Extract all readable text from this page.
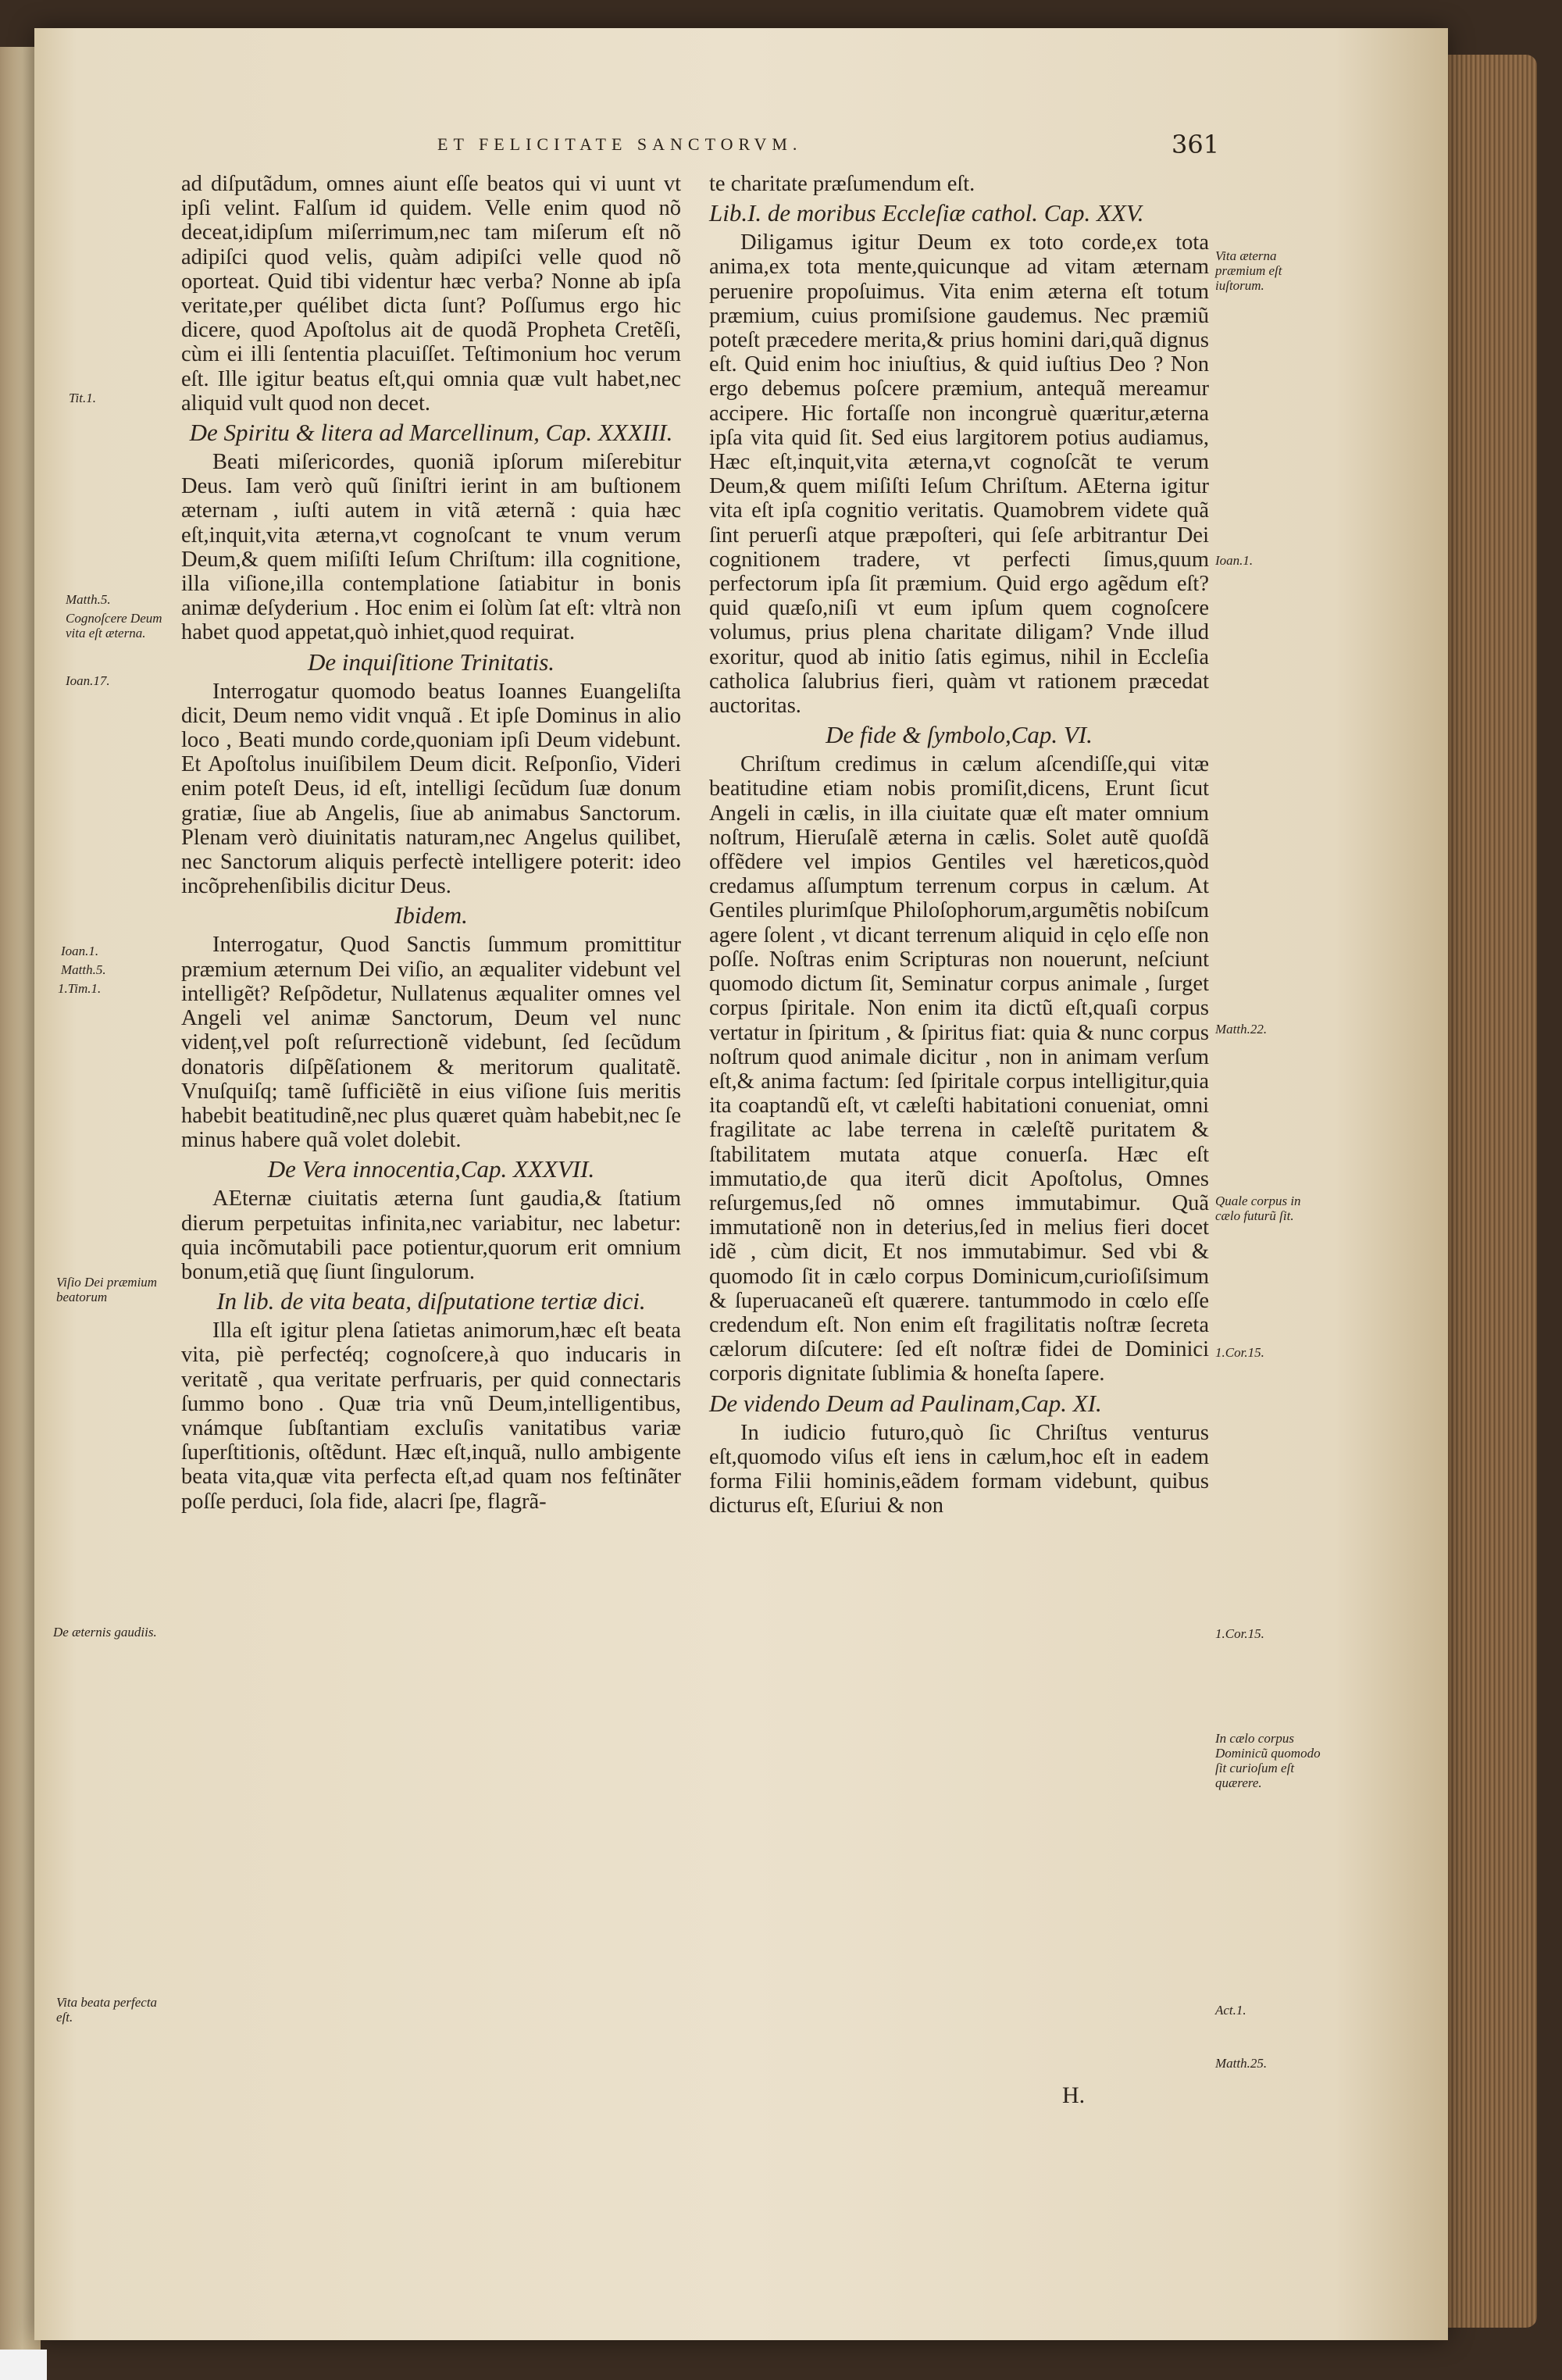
ET FELICITATE SANCTORVM.	361

ad diſputãdum, omnes aiunt eſſe beatos qui vi uunt vt ipſi velint. Falſum id quidem. Velle enim quod nõ deceat,idipſum miſerrimum,nec tam miſerum eſt nõ adipiſci quod velis, quàm adipiſci velle quod nõ oporteat. Quid tibi videntur hæc verba? Nonne ab ipſa veritate,per quélibet dicta ſunt? Poſſumus ergo hic dicere, quod Apoſtolus ait de quodã Propheta Cretẽſi, cùm ei illi ſententia placuiſſet. Teſtimonium hoc verum eſt. Ille igitur beatus eſt,qui omnia quæ vult habet,nec aliquid vult quod non decet.

De Spiritu & litera ad Marcellinum, Cap. XXXIII.

Beati miſericordes, quoniã ipſorum miſerebitur Deus. Iam verò quũ ſiniſtri ierint in am buſtionem æternam , iuſti autem in vitã æternã : quia hæc eſt,inquit,vita æterna,vt cognoſcant te vnum verum Deum,& quem miſiſti Ieſum Chriſtum: illa cognitione, illa viſione,illa contemplatione ſatiabitur in bonis animæ deſyderium . Hoc enim ei ſolùm ſat eſt: vltrà non habet quod appetat,quò inhiet,quod requirat.

De inquiſitione Trinitatis.

Interrogatur quomodo beatus Ioannes Euangeliſta dicit, Deum nemo vidit vnquã . Et ipſe Dominus in alio loco , Beati mundo corde,quoniam ipſi Deum videbunt. Et Apoſtolus inuiſibilem Deum dicit. Reſponſio, Videri enim poteſt Deus, id eſt, intelligi ſecũdum ſuæ donum gratiæ, ſiue ab Angelis, ſiue ab animabus Sanctorum. Plenam verò diuinitatis naturam,nec Angelus quilibet, nec Sanctorum aliquis perfectè intelligere poterit: ideo incõprehenſibilis dicitur Deus.

Ibidem.

Interrogatur, Quod Sanctis ſummum promittitur præmium æternum Dei viſio, an æqualiter videbunt vel intelligẽt? Reſpõdetur, Nullatenus æqualiter omnes vel Angeli vel animæ Sanctorum, Deum vel nunc videnț,vel poſt reſurrectionẽ videbunt, ſed ſecũdum donatoris diſpẽſationem & meritorum qualitatẽ. Vnuſquiſq; tamẽ ſufficiẽtẽ in eius viſione ſuis meritis habebit beatitudinẽ,nec plus quæret quàm habebit,nec ſe minus habere quã volet dolebit.

De Vera innocentia,Cap. XXXVII.

AEternæ ciuitatis æterna ſunt gaudia,& ſtatium dierum perpetuitas infinita,nec variabitur, nec labetur: quia incõmutabili pace potientur,quorum erit omnium bonum,etiã quę ſiunt ſingulorum.

In lib. de vita beata, diſputatione tertiæ dici.

Illa eſt igitur plena ſatietas animorum,hæc eſt beata vita, piè perfectéq; cognoſcere,à quo inducaris in veritatẽ , qua veritate perfruaris, per quid connectaris ſummo bono . Quæ tria vnũ Deum,intelligentibus, vnámque ſubſtantiam excluſis vanitatibus variæ ſuperſtitionis, oſtẽdunt. Hæc eſt,inquã, nullo ambigente beata vita,quæ vita perfecta eſt,ad quam nos feſtinãter poſſe perduci, ſola fide, alacri ſpe, flagrã-

te charitate præſumendum eſt.

Lib.I. de moribus Eccleſiæ cathol. Cap. XXV.

Diligamus igitur Deum ex toto corde,ex tota anima,ex tota mente,quicunque ad vitam æternam peruenire propoſuimus. Vita enim æterna eſt totum præmium, cuius promiſsione gaudemus. Nec præmiũ poteſt præcedere merita,& prius homini dari,quã dignus eſt. Quid enim hoc iniuſtius, & quid iuſtius Deo ? Non ergo debemus poſcere præmium, antequã mereamur accipere. Hic fortaſſe non incongruè quæritur,æterna ipſa vita quid ſit. Sed eius largitorem potius audiamus, Hæc eſt,inquit,vita æterna,vt cognoſcãt te verum Deum,& quem miſiſti Ieſum Chriſtum. AEterna igitur vita eſt ipſa cognitio veritatis. Quamobrem videte quã ſint peruerſi atque præpoſteri, qui ſeſe arbitrantur Dei cognitionem tradere, vt perfecti ſimus,quum perfectorum ipſa ſit præmium. Quid ergo agẽdum eſt? quid quæſo,niſi vt eum ipſum quem cognoſcere volumus, prius plena charitate diligam? Vnde illud exoritur, quod ab initio ſatis egimus, nihil in Eccleſia catholica ſalubrius fieri, quàm vt rationem præcedat auctoritas.

De fide & ſymbolo,Cap. VI.

Chriſtum credimus in cælum aſcendiſſe,qui vitæ beatitudine etiam nobis promiſit,dicens, Erunt ſicut Angeli in cælis, in illa ciuitate quæ eſt mater omnium noſtrum, Hieruſalẽ æterna in cælis. Solet autẽ quoſdã offẽdere vel impios Gentiles vel hæreticos,quòd credamus aſſumptum terrenum corpus in cælum. At Gentiles plurimſque Philoſophorum,argumẽtis nobiſcum agere ſolent , vt dicant terrenum aliquid in cęlo eſſe non poſſe. Noſtras enim Scripturas non nouerunt, neſciunt quomodo dictum ſit, Seminatur corpus animale , ſurget corpus ſpiritale. Non enim ita dictũ eſt,quaſi corpus vertatur in ſpiritum , & ſpiritus fiat: quia & nunc corpus noſtrum quod animale dicitur , non in animam verſum eſt,& anima factum: ſed ſpiritale corpus intelligitur,quia ita coaptandũ eſt, vt cæleſti habitationi conueniat, omni fragilitate ac labe terrena in cæleſtẽ puritatem & ſtabilitatem mutata atque conuerſa. Hæc eſt immutatio,de qua iterũ dicit Apoſtolus, Omnes reſurgemus,ſed nõ omnes immutabimur. Quã immutationẽ non in deterius,ſed in melius fieri docet idẽ , cùm dicit, Et nos immutabimur. Sed vbi & quomodo ſit in cælo corpus Dominicum,curioſiſsimum & ſuperuacaneũ eſt quærere. tantummodo in cœlo eſſe credendum eſt. Non enim eſt fragilitatis noſtræ ſecreta cælorum diſcutere: ſed eſt noſtræ fidei de Dominici corporis dignitate ſublimia & honeſta ſapere.

De videndo Deum ad Paulinam,Cap. XI.

In iudicio futuro,quò ſic Chriſtus venturus eſt,quomodo viſus eſt iens in cælum,hoc eſt in eadem forma Filii hominis,eãdem formam videbunt, quibus dicturus eſt, Eſuriui & non

Tit.1.
Matth.5.
Cognoſcere Deum vita eſt æterna.
Ioan.17.
Ioan.1.
Matth.5.
1.Tim.1.
Viſio Dei præmium beatorum
De æternis gaudiis.
Vita beata perfecta eſt.
Vita æterna præmium eſt iuſtorum.
Ioan.1.
Matth.22.
Quale corpus in cælo futurũ ſit.
1.Cor.15.
1.Cor.15.
In cælo corpus Dominicũ quomodo ſit curioſum eſt quærere.
Act.1.
Matth.25.
H.
